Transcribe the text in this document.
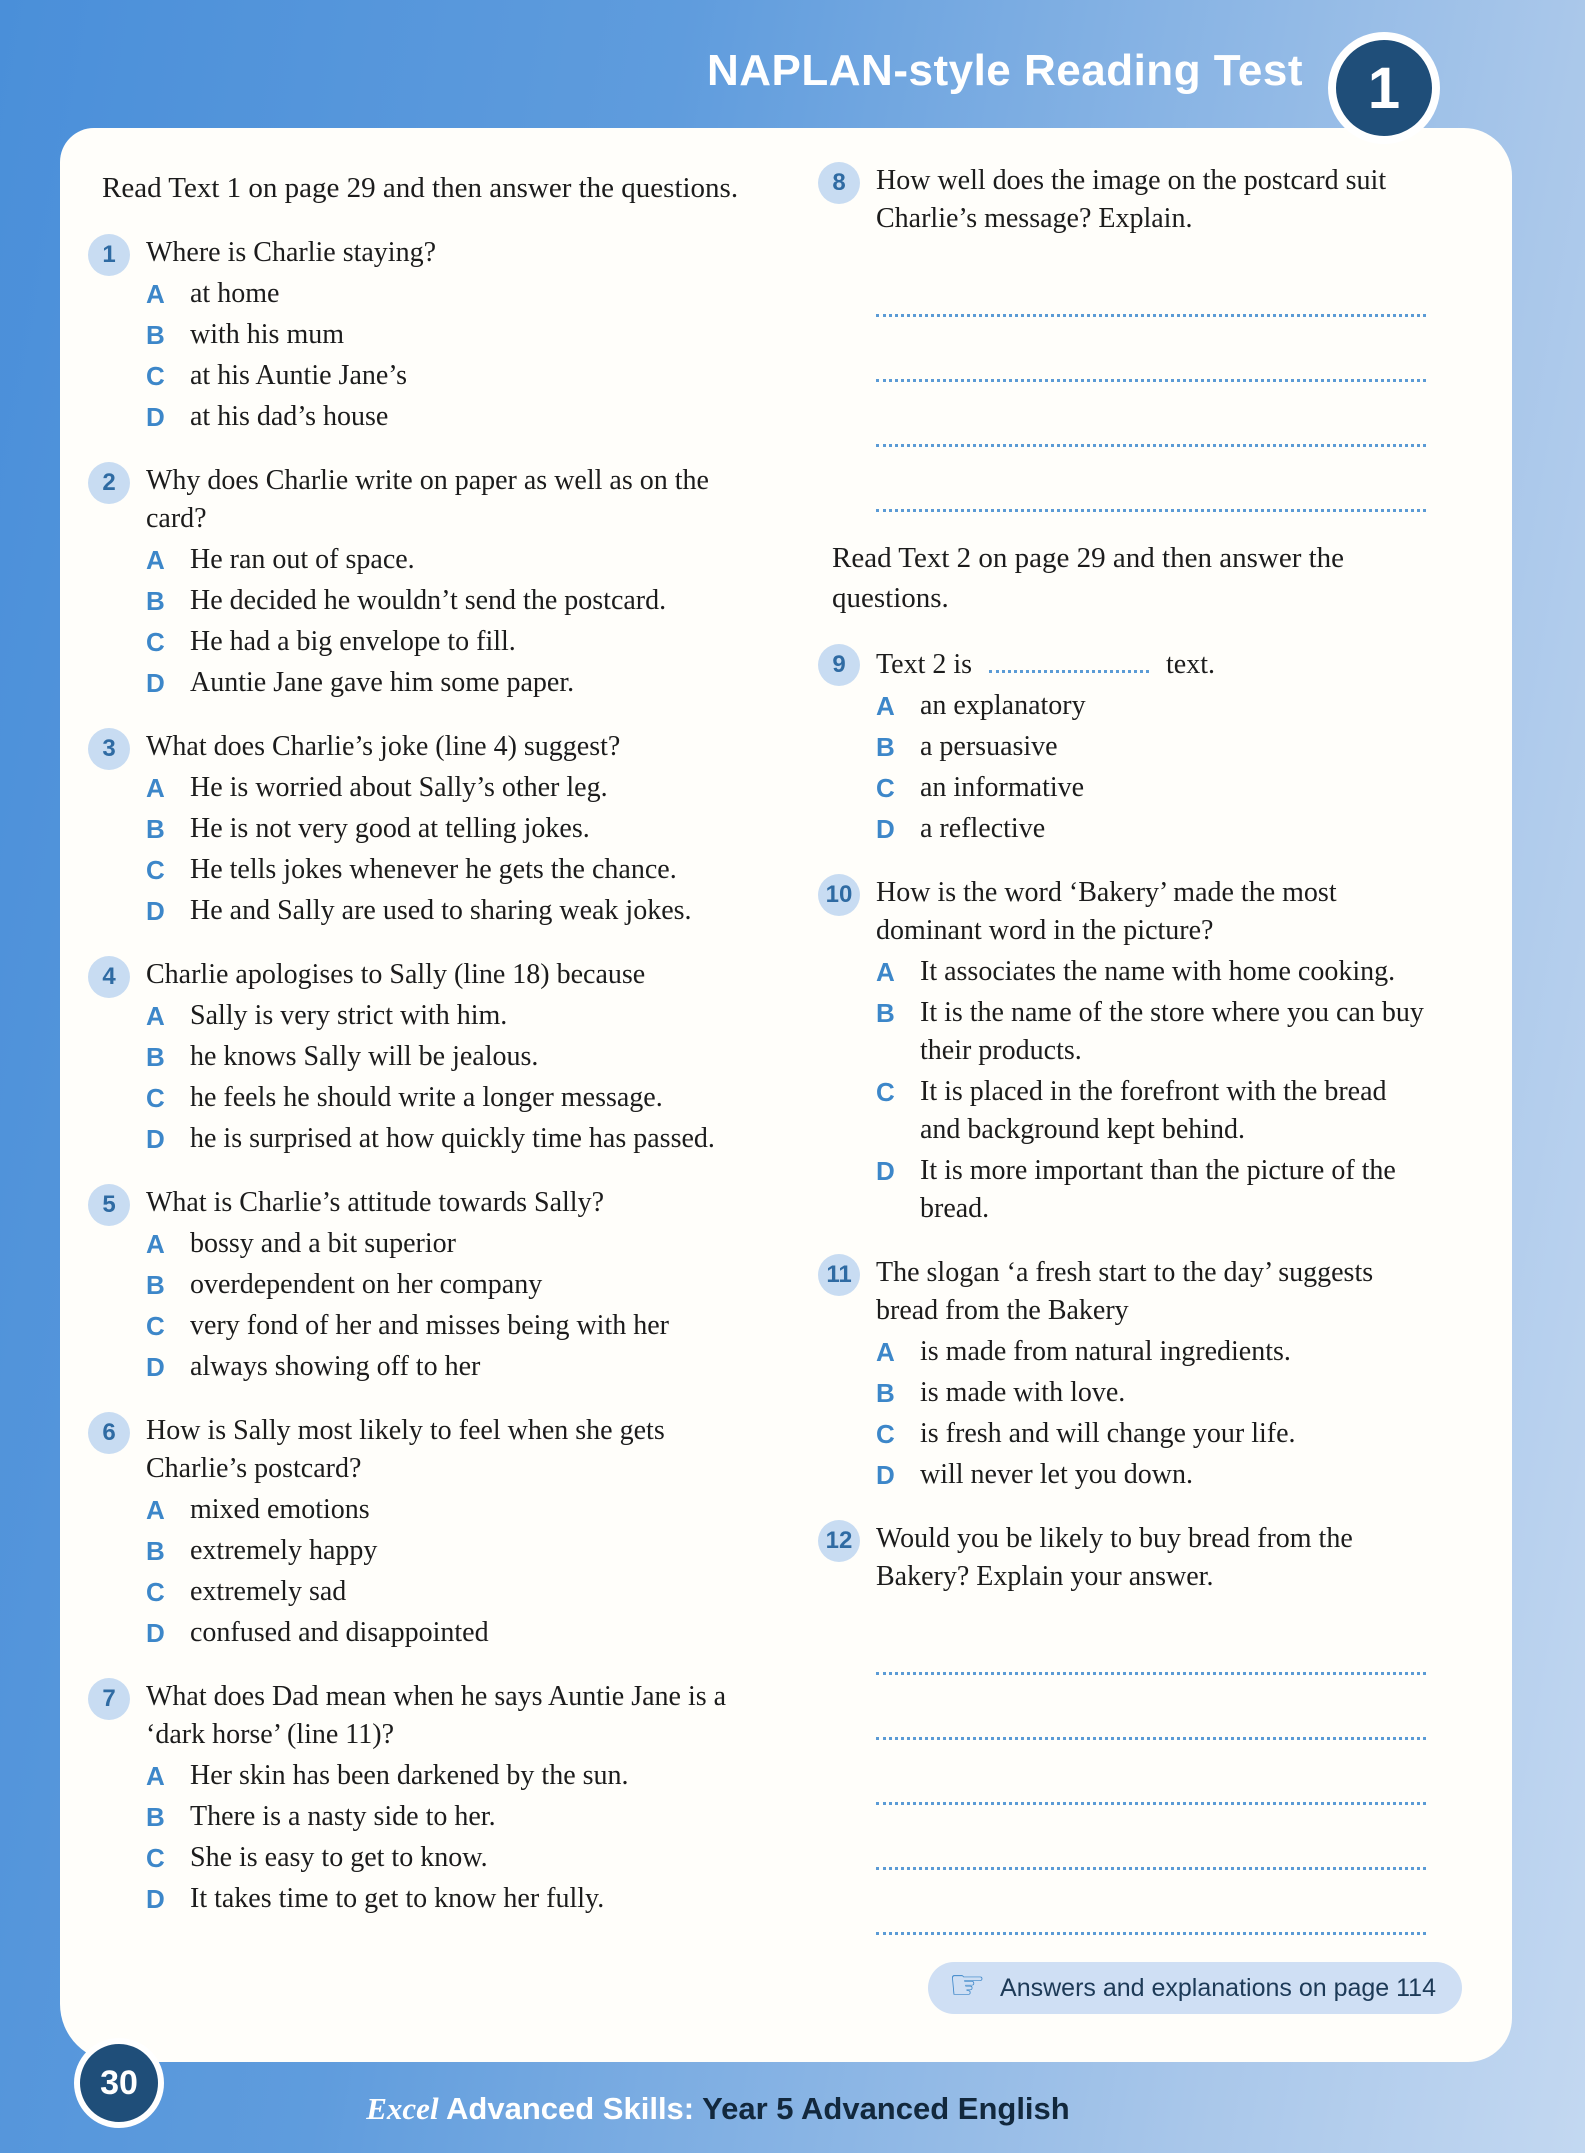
NAPLAN-style Reading Test 1
Read Text 1 on page 29 and then answer the questions.
1	Where is Charlie staying?
A at home
B with his mum
C at his Auntie Jane’s
D at his dad’s house
2	Why does Charlie write on paper as well as on the card?
A He ran out of space.
B He decided he wouldn’t send the postcard.
C He had a big envelope to fill.
D Auntie Jane gave him some paper.
3	What does Charlie’s joke (line 4) suggest?
A He is worried about Sally’s other leg.
B He is not very good at telling jokes.
C He tells jokes whenever he gets the chance.
D He and Sally are used to sharing weak jokes.
4	Charlie apologises to Sally (line 18) because
A Sally is very strict with him.
B he knows Sally will be jealous.
C he feels he should write a longer message.
D he is surprised at how quickly time has passed.
5	What is Charlie’s attitude towards Sally?
A bossy and a bit superior
B overdependent on her company
C very fond of her and misses being with her
D always showing off to her
6	How is Sally most likely to feel when she gets Charlie’s postcard?
A mixed emotions
B extremely happy
C extremely sad
D confused and disappointed
7	What does Dad mean when he says Auntie Jane is a ‘dark horse’ (line 11)?
A Her skin has been darkened by the sun.
B There is a nasty side to her.
C She is easy to get to know.
D It takes time to get to know her fully.
8	How well does the image on the postcard suit Charlie’s message? Explain.
Read Text 2 on page 29 and then answer the questions.
9	Text 2 is	text.
A an explanatory
B a persuasive
C an informative
D a reflective
10 How is the word ‘Bakery’ made the most dominant word in the picture?
A It associates the name with home cooking.
B It is the name of the store where you can buy their products.
C It is placed in the forefront with the bread and background kept behind.
D It is more important than the picture of the bread.
11 The slogan ‘a fresh start to the day’ suggests bread from the Bakery
A is made from natural ingredients.
B is made with love.
C is fresh and will change your life.
D will never let you down.
12 Would you be likely to buy bread from the Bakery? Explain your answer.
☞ Answers and explanations on page 114
30
Excel Advanced Skills: Year 5 Advanced English
